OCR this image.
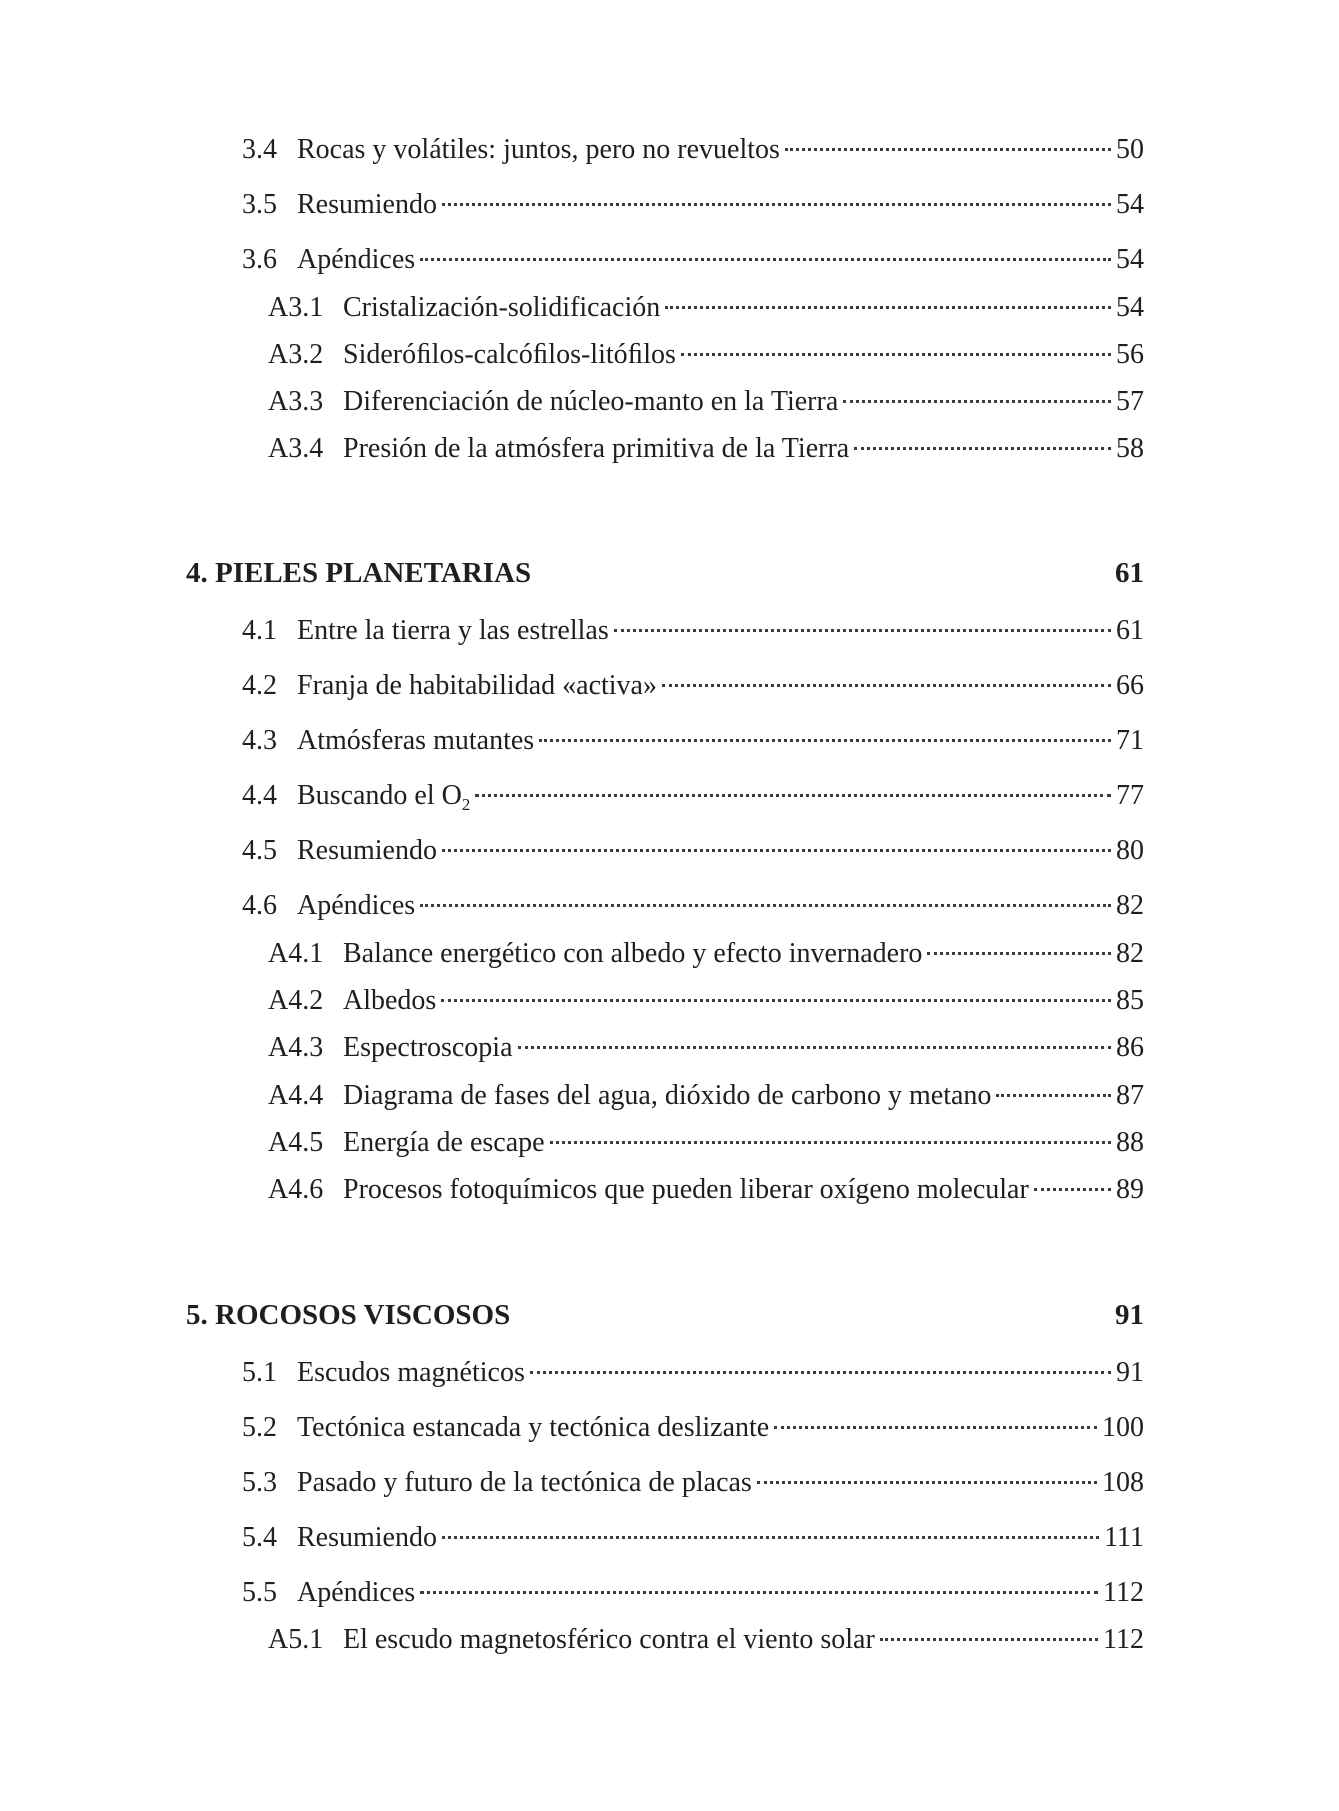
3.4 Rocas y volátiles: juntos, pero no revueltos	50
3.5 Resumiendo	54
3.6 Apéndices	54
A3.1 Cristalización-solidificación	54
A3.2 Sideróﬁlos-calcóﬁlos-litóﬁlos	56
A3.3 Diferenciación de núcleo-manto en la Tierra	57
A3.4 Presión de la atmósfera primitiva de la Tierra	58
4. PIELES PLANETARIAS	61
4.1 Entre la tierra y las estrellas	61
4.2 Franja de habitabilidad «activa»	66
4.3 Atmósferas mutantes	71
4.4 Buscando el $O_2$	77
4.5 Resumiendo	80
4.6 Apéndices	82
A4.1 Balance energético con albedo y efecto invernadero	82
A4.2 Albedos	85
A4.3 Espectroscopia	86
A4.4 Diagrama de fases del agua, dióxido de carbono y metano	87
A4.5 Energía de escape	88
A4.6 Procesos fotoquímicos que pueden liberar oxígeno molecular	89
5. ROCOSOS VISCOSOS	91
5.1 Escudos magnéticos	91
5.2 Tectónica estancada y tectónica deslizante	100
5.3 Pasado y futuro de la tectónica de placas	108
5.4 Resumiendo	111
5.5 Apéndices	112
A5.1 El escudo magnetosférico contra el viento solar	112
